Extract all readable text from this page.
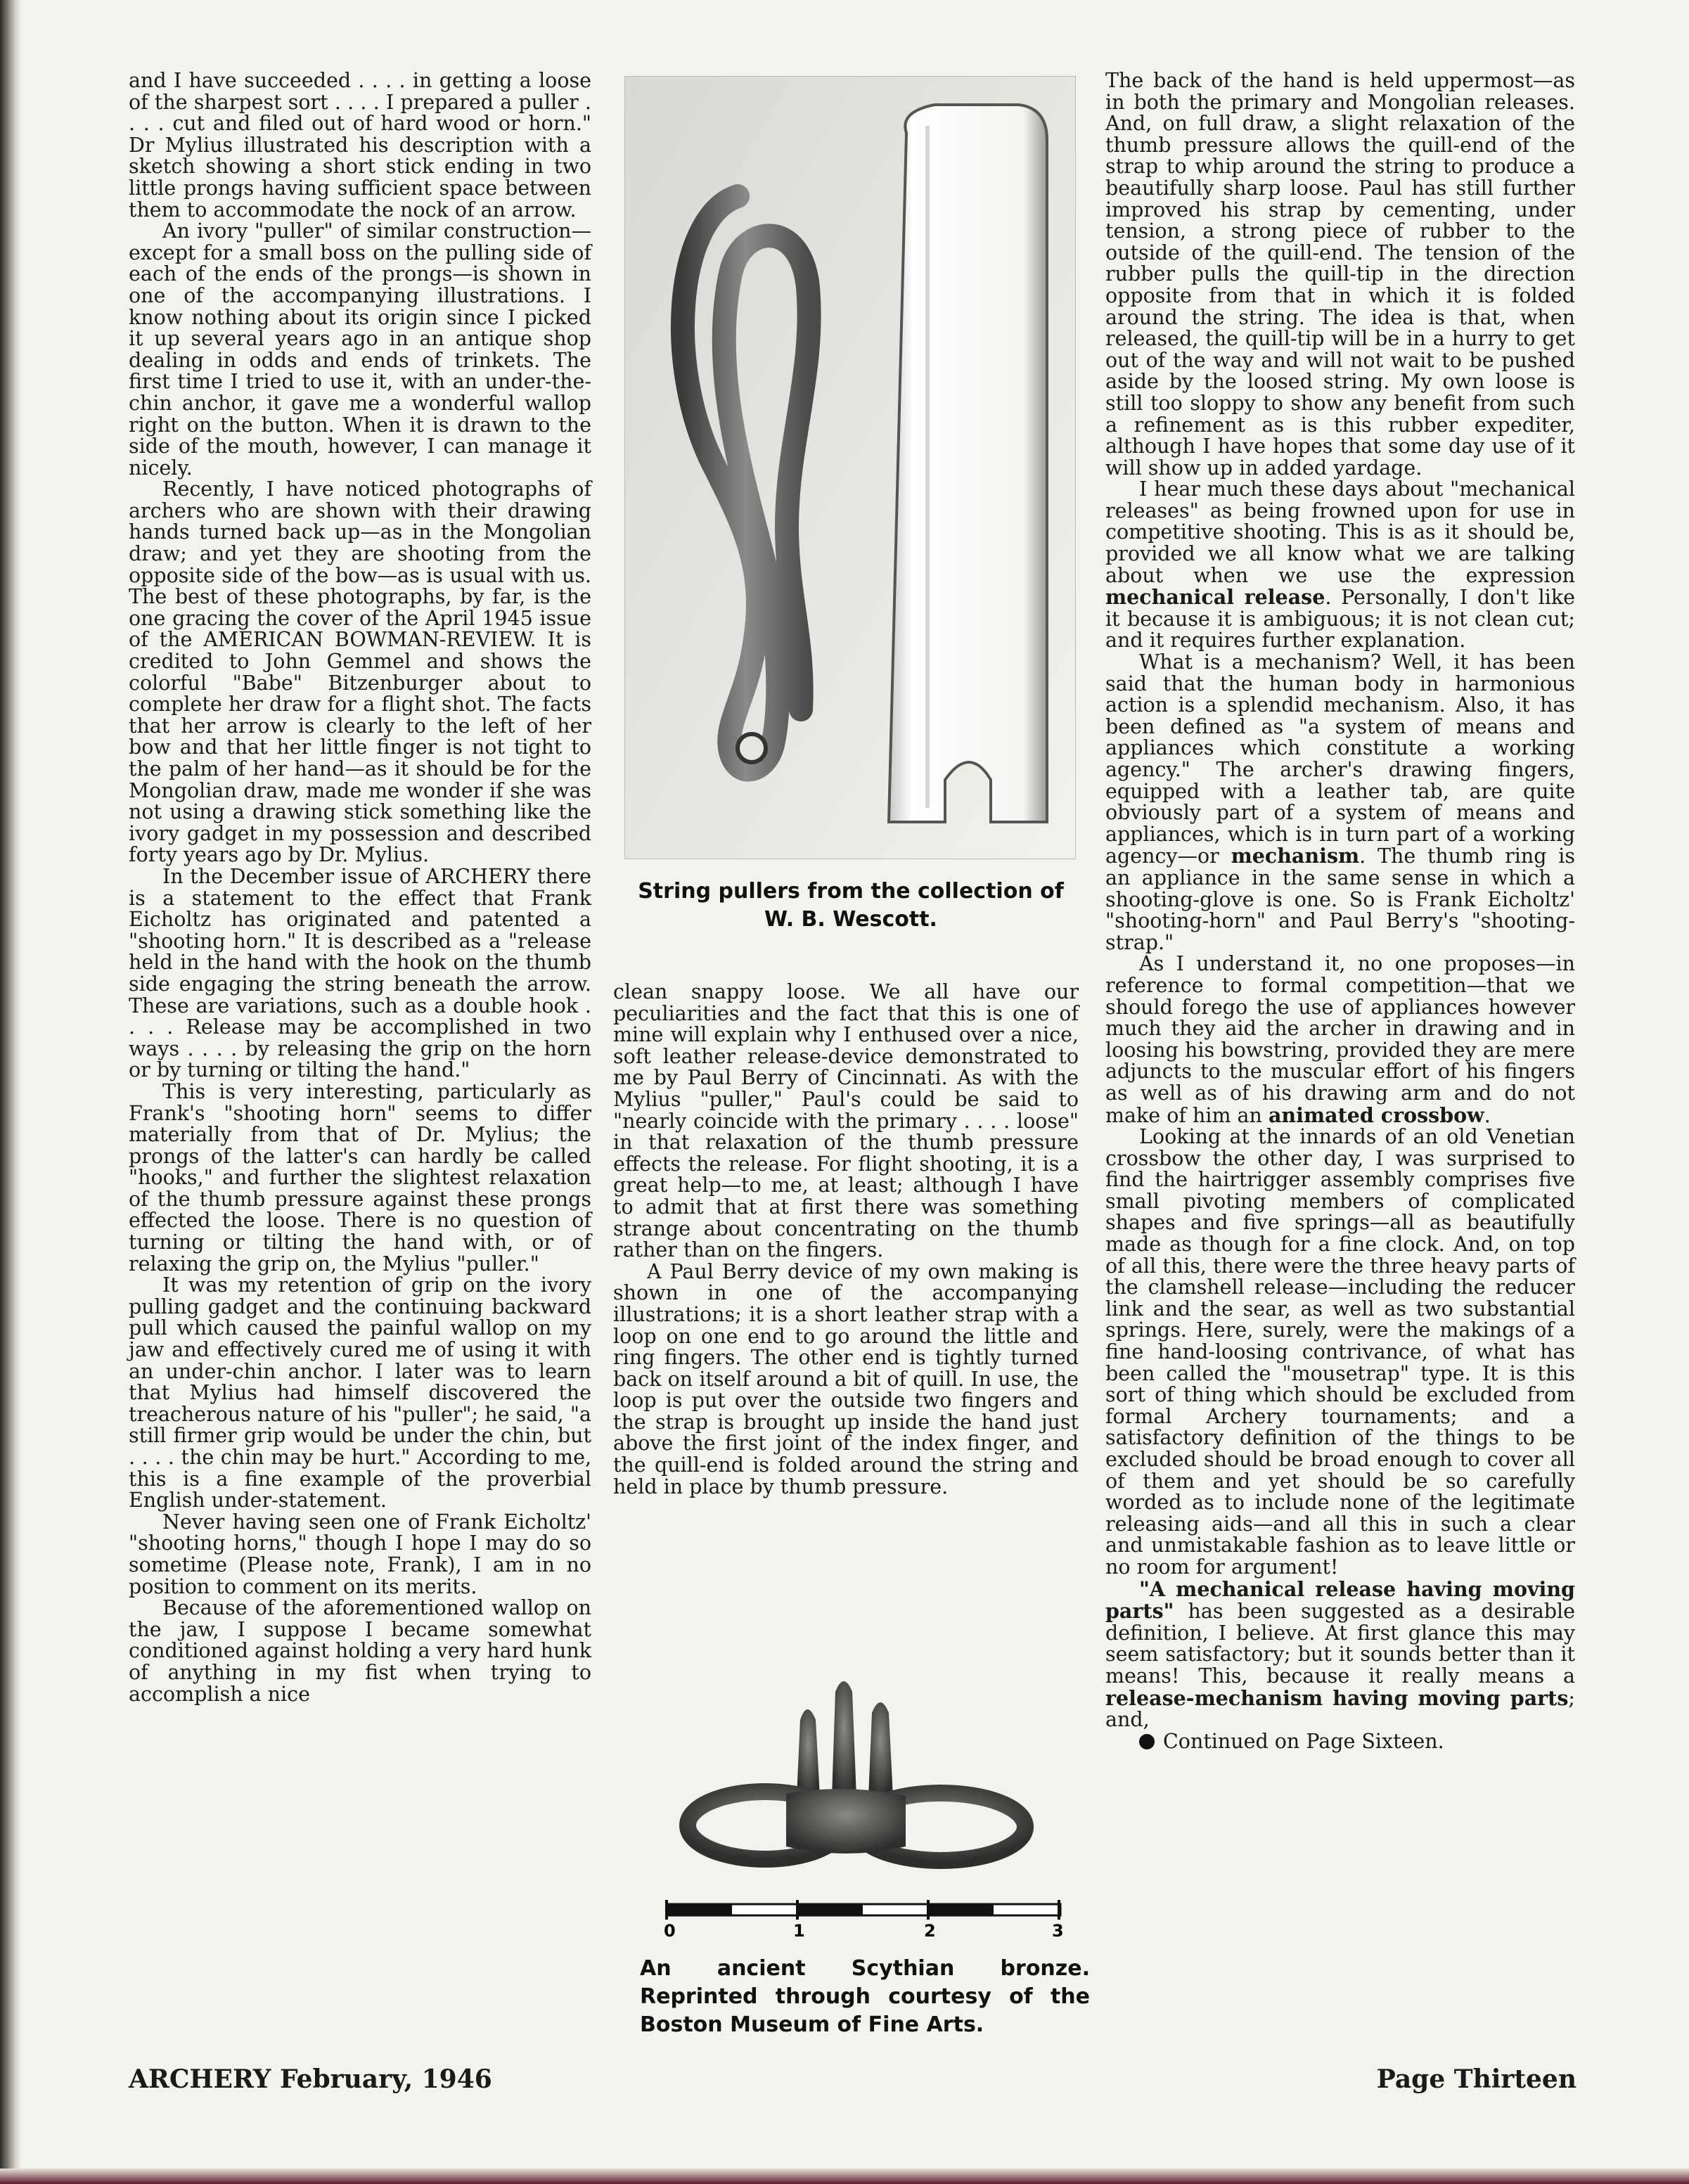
and I have succeeded . . . . in getting a loose of the sharpest sort . . . . I prepared a puller . . . . cut and filed out of hard wood or horn." Dr Mylius illustrated his description with a sketch showing a short stick ending in two little prongs having sufficient space between them to accommodate the nock of an arrow.

An ivory "puller" of similar construction—except for a small boss on the pulling side of each of the ends of the prongs—is shown in one of the accompanying illustrations. I know nothing about its origin since I picked it up several years ago in an antique shop dealing in odds and ends of trinkets. The first time I tried to use it, with an under-the-chin anchor, it gave me a wonderful wallop right on the button. When it is drawn to the side of the mouth, however, I can manage it nicely.

Recently, I have noticed photographs of archers who are shown with their drawing hands turned back up—as in the Mongolian draw; and yet they are shooting from the opposite side of the bow—as is usual with us. The best of these photographs, by far, is the one gracing the cover of the April 1945 issue of the AMERICAN BOWMAN-REVIEW. It is credited to John Gemmel and shows the colorful "Babe" Bitzenburger about to complete her draw for a flight shot. The facts that her arrow is clearly to the left of her bow and that her little finger is not tight to the palm of her hand—as it should be for the Mongolian draw, made me wonder if she was not using a drawing stick something like the ivory gadget in my possession and described forty years ago by Dr. Mylius.

In the December issue of ARCHERY there is a statement to the effect that Frank Eicholtz has originated and patented a "shooting horn." It is described as a "release held in the hand with the hook on the thumb side engaging the string beneath the arrow. These are variations, such as a double hook . . . . Release may be accomplished in two ways . . . . by releasing the grip on the horn or by turning or tilting the hand."

This is very interesting, particularly as Frank's "shooting horn" seems to differ materially from that of Dr. Mylius; the prongs of the latter's can hardly be called "hooks," and further the slightest relaxation of the thumb pressure against these prongs effected the loose. There is no question of turning or tilting the hand with, or of relaxing the grip on, the Mylius "puller."

It was my retention of grip on the ivory pulling gadget and the continuing backward pull which caused the painful wallop on my jaw and effectively cured me of using it with an under-chin anchor. I later was to learn that Mylius had himself discovered the treacherous nature of his "puller"; he said, "a still firmer grip would be under the chin, but . . . . the chin may be hurt." According to me, this is a fine example of the proverbial English under-statement.

Never having seen one of Frank Eicholtz' "shooting horns," though I hope I may do so sometime (Please note, Frank), I am in no position to comment on its merits.

Because of the aforementioned wallop on the jaw, I suppose I became somewhat conditioned against holding a very hard hunk of anything in my fist when trying to accomplish a nice

String pullers from the collection of W. B. Wescott.

clean snappy loose. We all have our peculiarities and the fact that this is one of mine will explain why I enthused over a nice, soft leather release-device demonstrated to me by Paul Berry of Cincinnati. As with the Mylius "puller," Paul's could be said to "nearly coincide with the primary . . . . loose" in that relaxation of the thumb pressure effects the release. For flight shooting, it is a great help—to me, at least; although I have to admit that at first there was something strange about concentrating on the thumb rather than on the fingers.

A Paul Berry device of my own making is shown in one of the accompanying illustrations; it is a short leather strap with a loop on one end to go around the little and ring fingers. The other end is tightly turned back on itself around a bit of quill. In use, the loop is put over the outside two fingers and the strap is brought up inside the hand just above the first joint of the index finger, and the quill-end is folded around the string and held in place by thumb pressure.

0	1	2	3
An ancient Scythian bronze. Reprinted through courtesy of the Boston Museum of Fine Arts.

The back of the hand is held uppermost—as in both the primary and Mongolian releases. And, on full draw, a slight relaxation of the thumb pressure allows the quill-end of the strap to whip around the string to produce a beautifully sharp loose. Paul has still further improved his strap by cementing, under tension, a strong piece of rubber to the outside of the quill-end. The tension of the rubber pulls the quill-tip in the direction opposite from that in which it is folded around the string. The idea is that, when released, the quill-tip will be in a hurry to get out of the way and will not wait to be pushed aside by the loosed string. My own loose is still too sloppy to show any benefit from such a refinement as is this rubber expediter, although I have hopes that some day use of it will show up in added yardage.

I hear much these days about "mechanical releases" as being frowned upon for use in competitive shooting. This is as it should be, provided we all know what we are talking about when we use the expression mechanical release. Personally, I don't like it because it is ambiguous; it is not clean cut; and it requires further explanation.

What is a mechanism? Well, it has been said that the human body in harmonious action is a splendid mechanism. Also, it has been defined as "a system of means and appliances which constitute a working agency." The archer's drawing fingers, equipped with a leather tab, are quite obviously part of a system of means and appliances, which is in turn part of a working agency—or mechanism. The thumb ring is an appliance in the same sense in which a shooting-glove is one. So is Frank Eicholtz' "shooting-horn" and Paul Berry's "shooting-strap."

As I understand it, no one proposes—in reference to formal competition—that we should forego the use of appliances however much they aid the archer in drawing and in loosing his bowstring, provided they are mere adjuncts to the muscular effort of his fingers as well as of his drawing arm and do not make of him an animated crossbow.

Looking at the innards of an old Venetian crossbow the other day, I was surprised to find the hairtrigger assembly comprises five small pivoting members of complicated shapes and five springs—all as beautifully made as though for a fine clock. And, on top of all this, there were the three heavy parts of the clamshell release—including the reducer link and the sear, as well as two substantial springs. Here, surely, were the makings of a fine hand-loosing contrivance, of what has been called the "mousetrap" type. It is this sort of thing which should be excluded from formal Archery tournaments; and a satisfactory definition of the things to be excluded should be broad enough to cover all of them and yet should be so carefully worded as to include none of the legitimate releasing aids—and all this in such a clear and unmistakable fashion as to leave little or no room for argument!

"A mechanical release having moving parts" has been suggested as a desirable definition, I believe. At first glance this may seem satisfactory; but it sounds better than it means! This, because it really means a release-mechanism having moving parts; and,

Continued on Page Sixteen.

ARCHERY February, 1946	Page Thirteen
